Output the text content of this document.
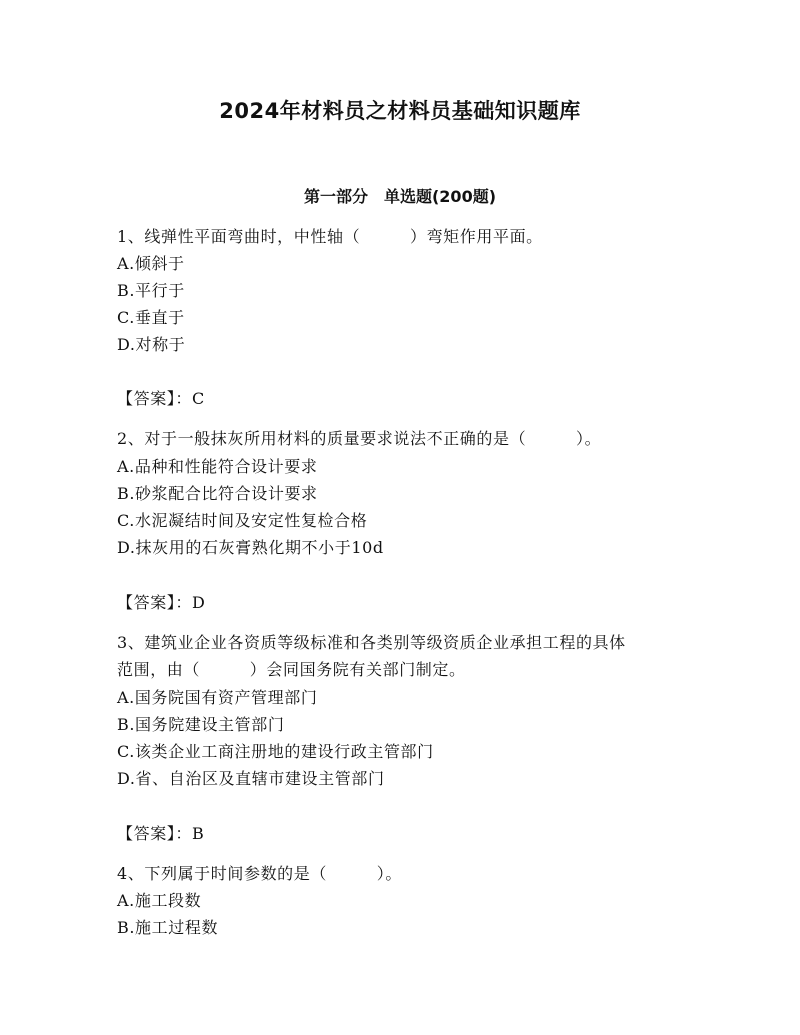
2024年材料员之材料员基础知识题库
第一部分　单选题(200题)
1、线弹性平面弯曲时，中性轴（　　　）弯矩作用平面。
A.倾斜于
B.平行于
C.垂直于
D.对称于
【答案】：C
2、对于一般抹灰所用材料的质量要求说法不正确的是（　　　）。
A.品种和性能符合设计要求
B.砂浆配合比符合设计要求
C.水泥凝结时间及安定性复检合格
D.抹灰用的石灰膏熟化期不小于10d
【答案】：D
3、建筑业企业各资质等级标准和各类别等级资质企业承担工程的具体
范围，由（　　　）会同国务院有关部门制定。
A.国务院国有资产管理部门
B.国务院建设主管部门
C.该类企业工商注册地的建设行政主管部门
D.省、自治区及直辖市建设主管部门
【答案】：B
4、下列属于时间参数的是（　　　）。
A.施工段数
B.施工过程数
